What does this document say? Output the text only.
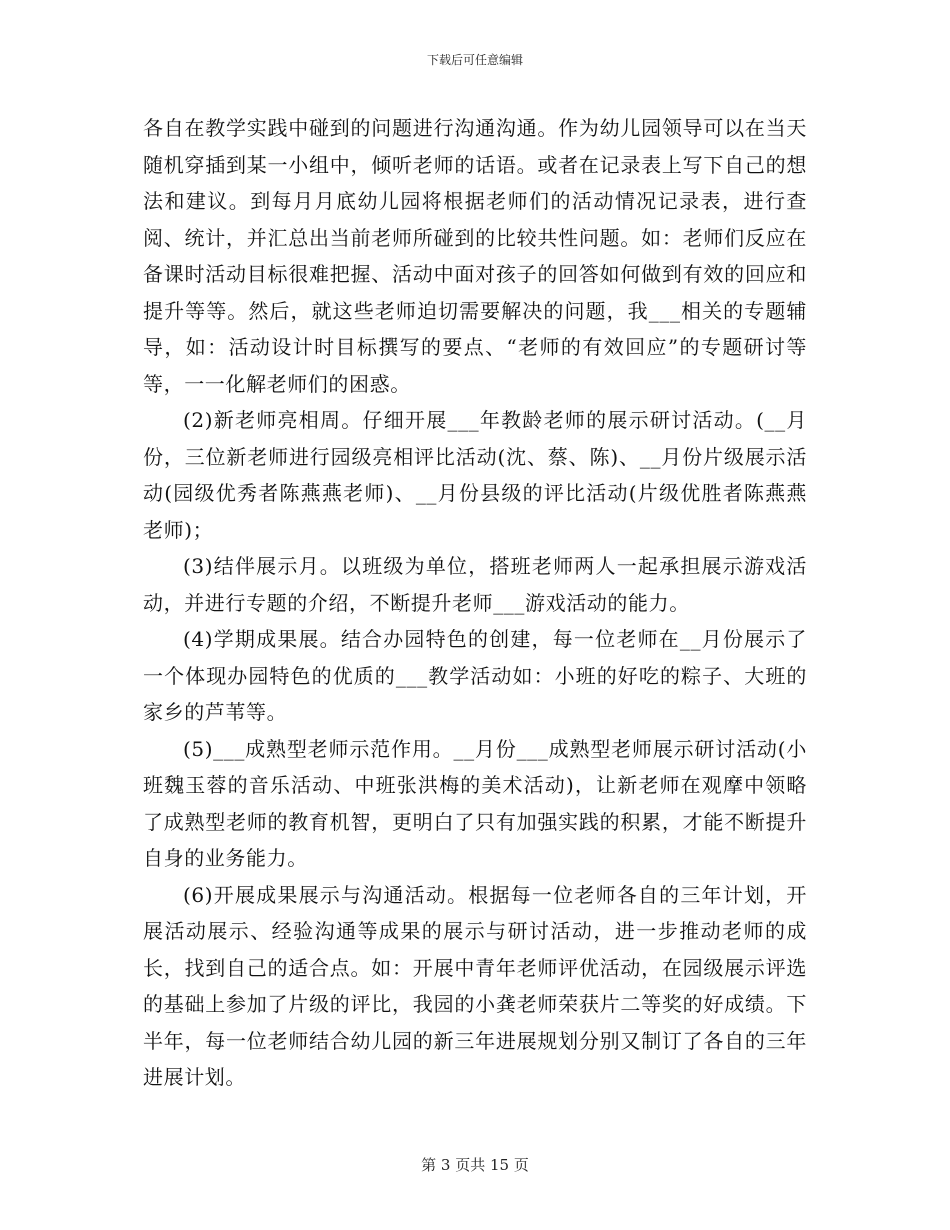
下载后可任意编辑

各自在教学实践中碰到的问题进行沟通沟通。作为幼儿园领导可以在当天随机穿插到某一小组中，倾听老师的话语。或者在记录表上写下自己的想法和建议。到每月月底幼儿园将根据老师们的活动情况记录表，进行查阅、统计，并汇总出当前老师所碰到的比较共性问题。如：老师们反应在备课时活动目标很难把握、活动中面对孩子的回答如何做到有效的回应和提升等等。然后，就这些老师迫切需要解决的问题，我___相关的专题辅导，如：活动设计时目标撰写的要点、“老师的有效回应”的专题研讨等等，一一化解老师们的困惑。

(2)新老师亮相周。仔细开展___年教龄老师的展示研讨活动。(__月份，三位新老师进行园级亮相评比活动(沈、蔡、陈)、__月份片级展示活动(园级优秀者陈燕燕老师)、__月份县级的评比活动(片级优胜者陈燕燕老师)；

(3)结伴展示月。以班级为单位，搭班老师两人一起承担展示游戏活动，并进行专题的介绍，不断提升老师___游戏活动的能力。

(4)学期成果展。结合办园特色的创建，每一位老师在__月份展示了一个体现办园特色的优质的___教学活动如：小班的好吃的粽子、大班的家乡的芦苇等。

(5)___成熟型老师示范作用。__月份___成熟型老师展示研讨活动(小班魏玉蓉的音乐活动、中班张洪梅的美术活动)，让新老师在观摩中领略了成熟型老师的教育机智，更明白了只有加强实践的积累，才能不断提升自身的业务能力。

(6)开展成果展示与沟通活动。根据每一位老师各自的三年计划，开展活动展示、经验沟通等成果的展示与研讨活动，进一步推动老师的成长，找到自己的适合点。如：开展中青年老师评优活动，在园级展示评选的基础上参加了片级的评比，我园的小龚老师荣获片二等奖的好成绩。下半年，每一位老师结合幼儿园的新三年进展规划分别又制订了各自的三年进展计划。

第 3 页共 15 页
